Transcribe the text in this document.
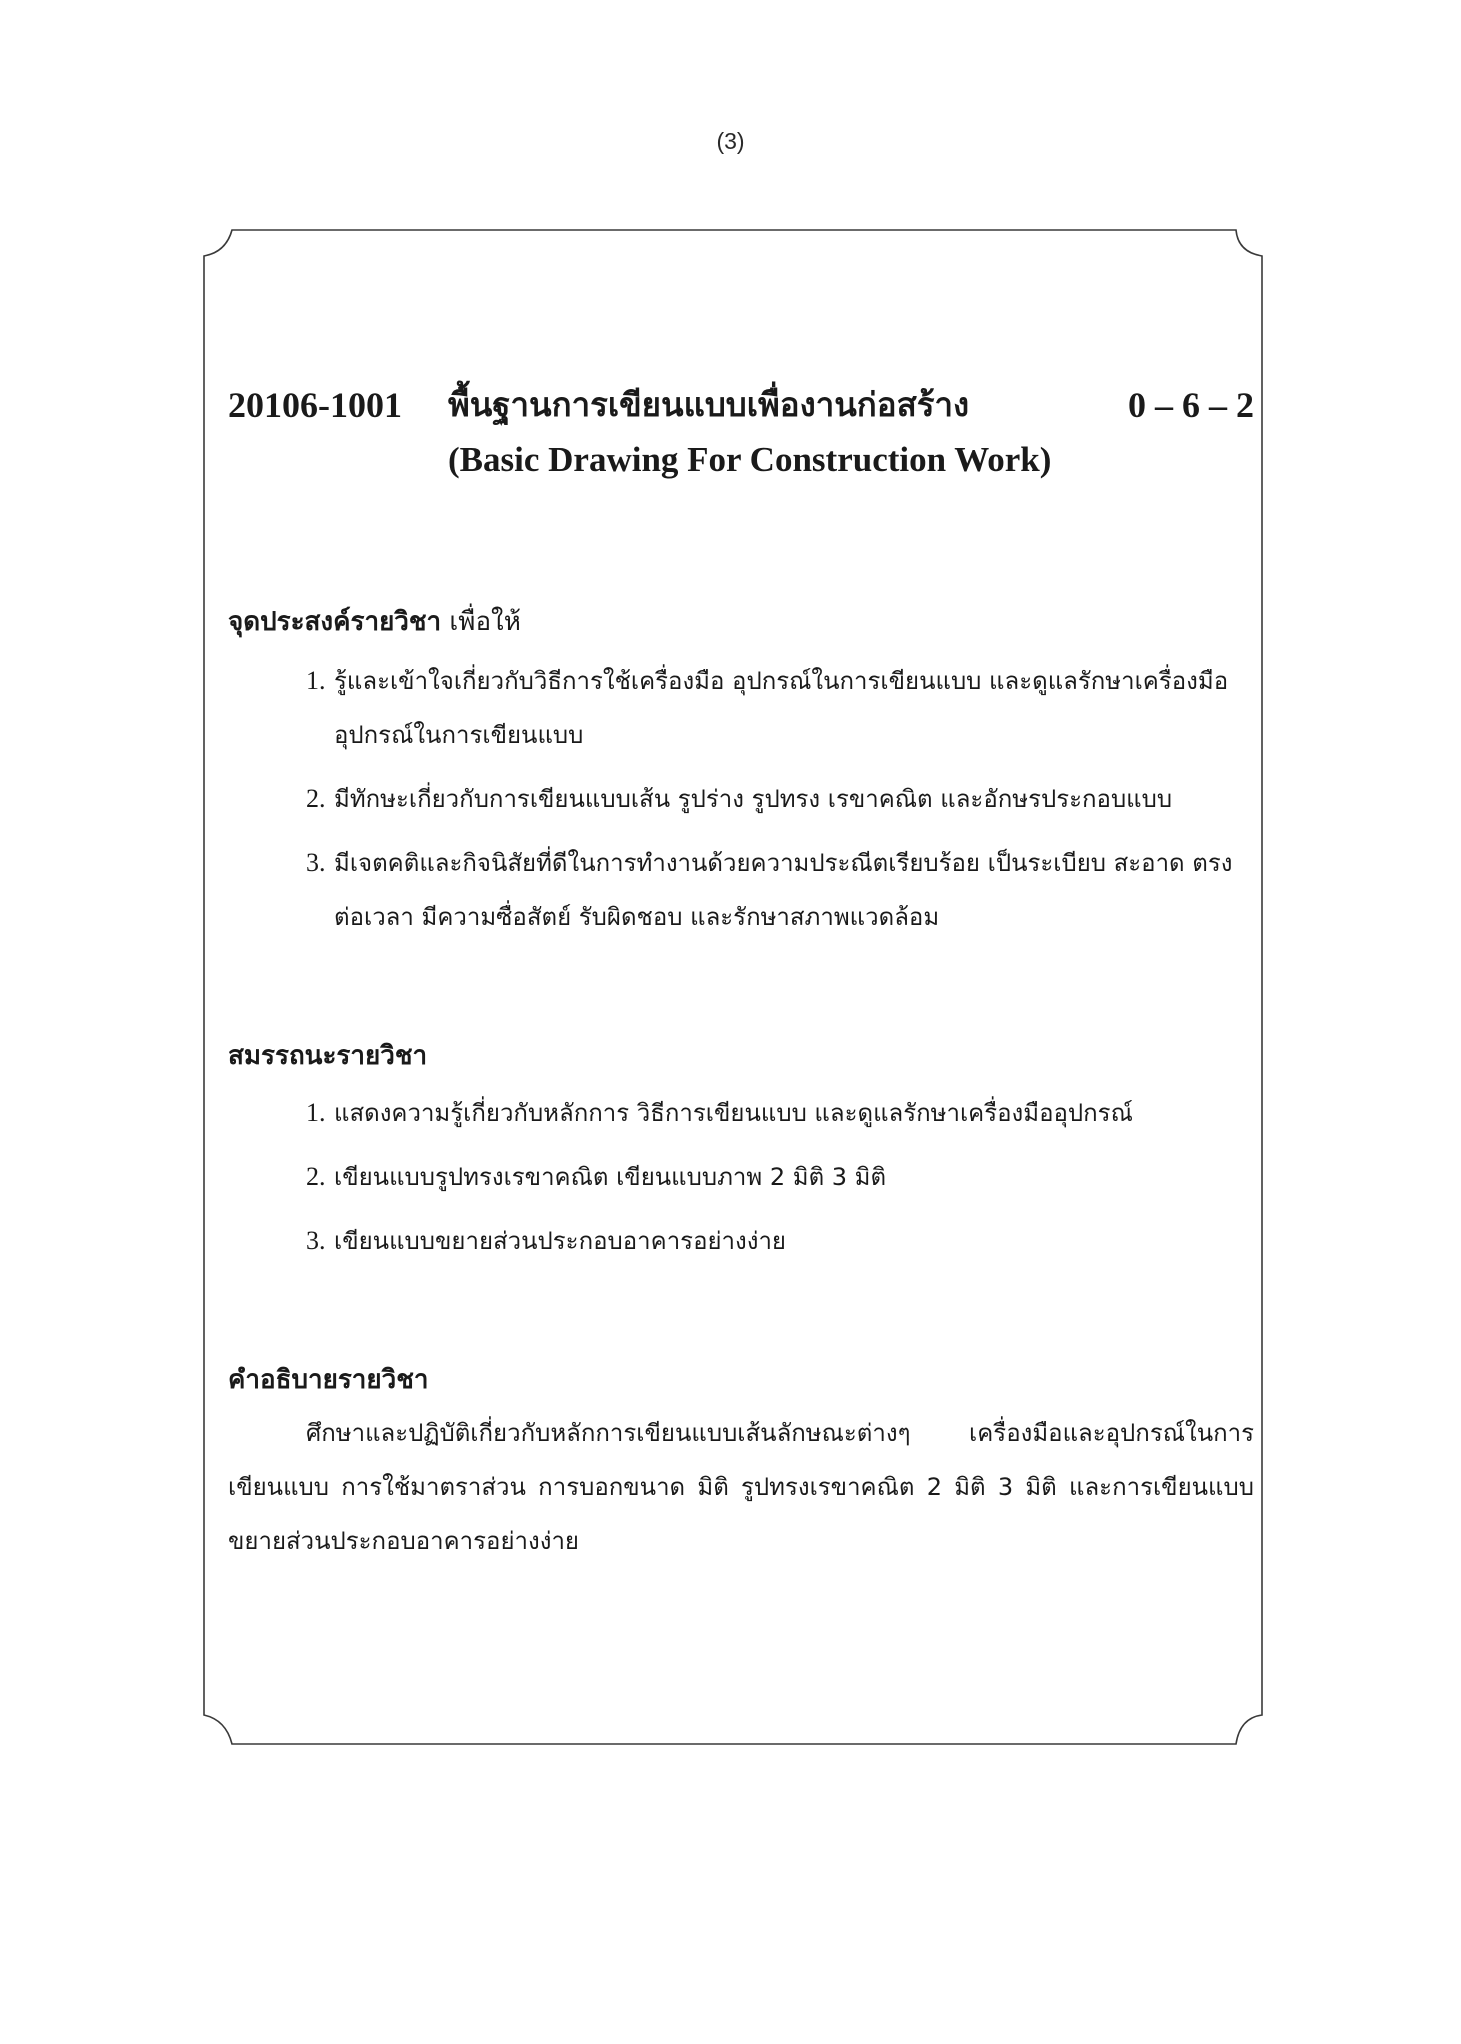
(3)
20106-1001 พื้นฐานการเขียนแบบเพื่องานก่อสร้าง	0 – 6 – 2
(Basic Drawing For Construction Work)
จุดประสงค์รายวิชา เพื่อให้
1. รู้และเข้าใจเกี่ยวกับวิธีการใช้เครื่องมือ อุปกรณ์ในการเขียนแบบ และดูแลรักษาเครื่องมืออุปกรณ์ในการเขียนแบบ
2. มีทักษะเกี่ยวกับการเขียนแบบเส้น รูปร่าง รูปทรง เรขาคณิต และอักษรประกอบแบบ
3. มีเจตคติและกิจนิสัยที่ดีในการทำงานด้วยความประณีตเรียบร้อย เป็นระเบียบ สะอาด ตรงต่อเวลา มีความซื่อสัตย์ รับผิดชอบ และรักษาสภาพแวดล้อม
สมรรถนะรายวิชา
1. แสดงความรู้เกี่ยวกับหลักการ วิธีการเขียนแบบ และดูแลรักษาเครื่องมืออุปกรณ์
2. เขียนแบบรูปทรงเรขาคณิต เขียนแบบภาพ 2 มิติ 3 มิติ
3. เขียนแบบขยายส่วนประกอบอาคารอย่างง่าย
คำอธิบายรายวิชา

ศึกษาและปฏิบัติเกี่ยวกับหลักการเขียนแบบเส้นลักษณะต่างๆ เครื่องมือและอุปกรณ์ในการเขียนแบบ การใช้มาตราส่วน การบอกขนาด มิติ รูปทรงเรขาคณิต 2 มิติ 3 มิติ และการเขียนแบบขยายส่วนประกอบอาคารอย่างง่าย
